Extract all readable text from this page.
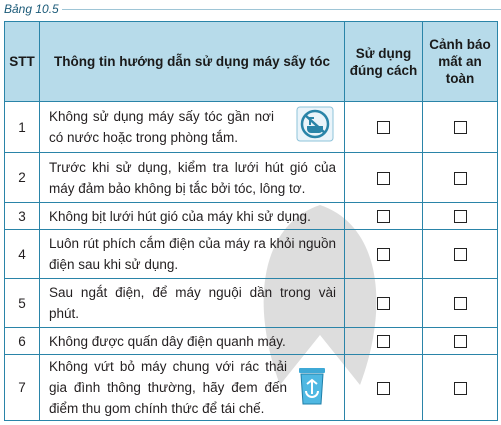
Bảng 10.5
STT	Thông tin hướng dẫn sử dụng máy sấy tóc	Sử dụng đúng cách	Cảnh báo mất an toàn
1	Không sử dụng máy sấy tóc gần nơi có nước hoặc trong phòng tắm.		

2	Trước khi sử dụng, kiểm tra lưới hút gió của máy đảm bảo không bị tắc bởi tóc, lông tơ.		
3	Không bịt lưới hút gió của máy khi sử dụng.		
4	Luôn rút phích cắm điện của máy ra khỏi nguồn điện sau khi sử dụng.		
5	Sau ngắt điện, để máy nguội dần trong vài phút.		
6	Không được quấn dây điện quanh máy.		
7	Không vứt bỏ máy chung với rác thải gia đình thông thường, hãy đem đến điểm thu gom chính thức để tái chế.		
